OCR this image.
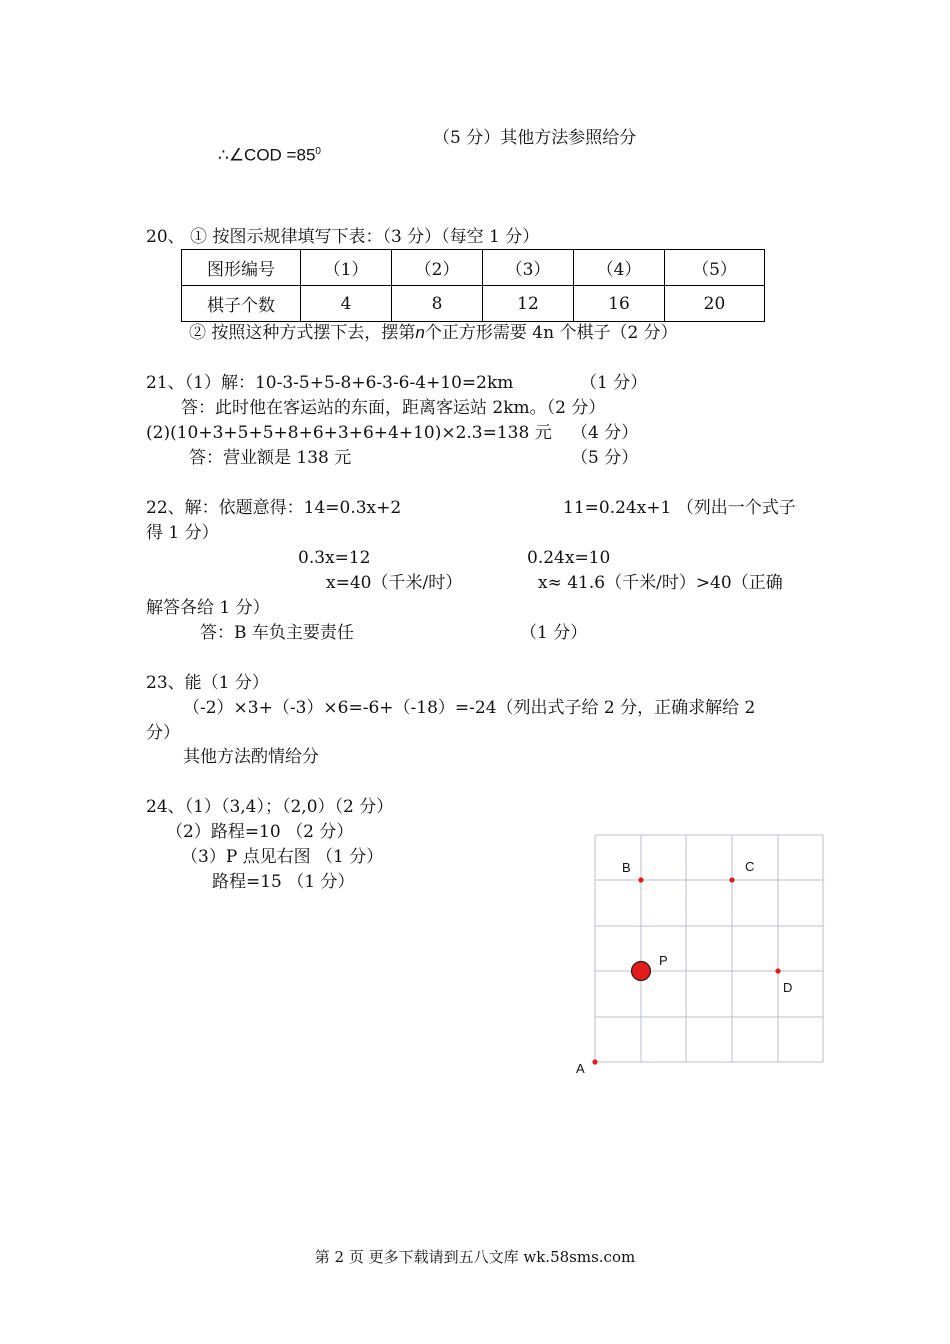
∴∠COD $=85^0$
（5 分）其他方法参照给分
20、 ① 按图示规律填写下表：（3 分）（每空 1 分）
图形编号	（1）	（2）	（3）	（4）	（5）
棋子个数	4	8	12	16	20
② 按照这种方式摆下去，摆第n个正方形需要 4n 个棋子（2 分）
21、（1）解：10-3-5+5-8+6-3-6-4+10=2km	（1 分）
答：此时他在客运站的东面，距离客运站 2km。（2 分）
(2)(10+3+5+5+8+6+3+6+4+10)×2.3=138 元 （4 分）
答：营业额是 138 元	（5 分）
22、解：依题意得：14=0.3x+2	11=0.24x+1 （列出一个式子
得 1 分）
0.3x=12	0.24x=10
x=40（千米/时）	x≈ 41.6（千米/时）>40（正确
解答各给 1 分）
答：B 车负主要责任	（1 分）
23、能（1 分）
（-2）×3+（-3）×6=-6+（-18）=-24（列出式子给 2 分，正确求解给 2
分）
其他方法酌情给分
24、（1）（3,4）；（2,0）（2 分）
（2）路程=10 （2 分）
（3）P 点见右图 （1 分）
路程=15 （1 分）
A
B	C
D
P
第 2 页 更多下载请到五八文库 wk.58sms.com
